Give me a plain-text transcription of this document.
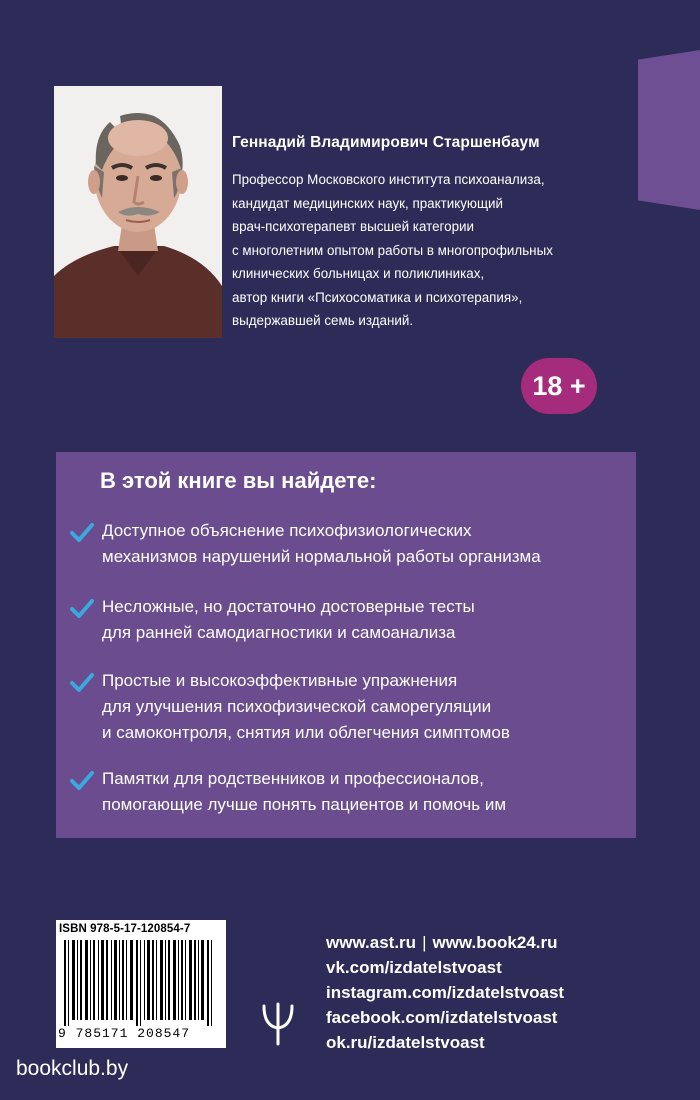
Геннадий Владимирович Старшенбаум
Профессор Московского института психоанализа,
кандидат медицинских наук, практикующий
врач-психотерапевт высшей категории
с многолетним опытом работы в многопрофильных
клинических больницах и поликлиниках,
автор книги «Психосоматика и психотерапия»,
выдержавшей семь изданий.
18 +
В этой книге вы найдете:
Доступное объяснение психофизиологических
механизмов нарушений нормальной работы организма
Несложные, но достаточно достоверные тесты
для ранней самодиагностики и самоанализа
Простые и высокоэффективные упражнения
для улучшения психофизической саморегуляции
и самоконтроля, снятия или облегчения симптомов
Памятки для родственников и профессионалов,
помогающие лучше понять пациентов и помочь им
ISBN 978-5-17-120854-7
9 785171 208547
www.ast.ru | www.book24.ru
vk.com/izdatelstvoast
instagram.com/izdatelstvoast
facebook.com/izdatelstvoast
ok.ru/izdatelstvoast
bookclub.by
